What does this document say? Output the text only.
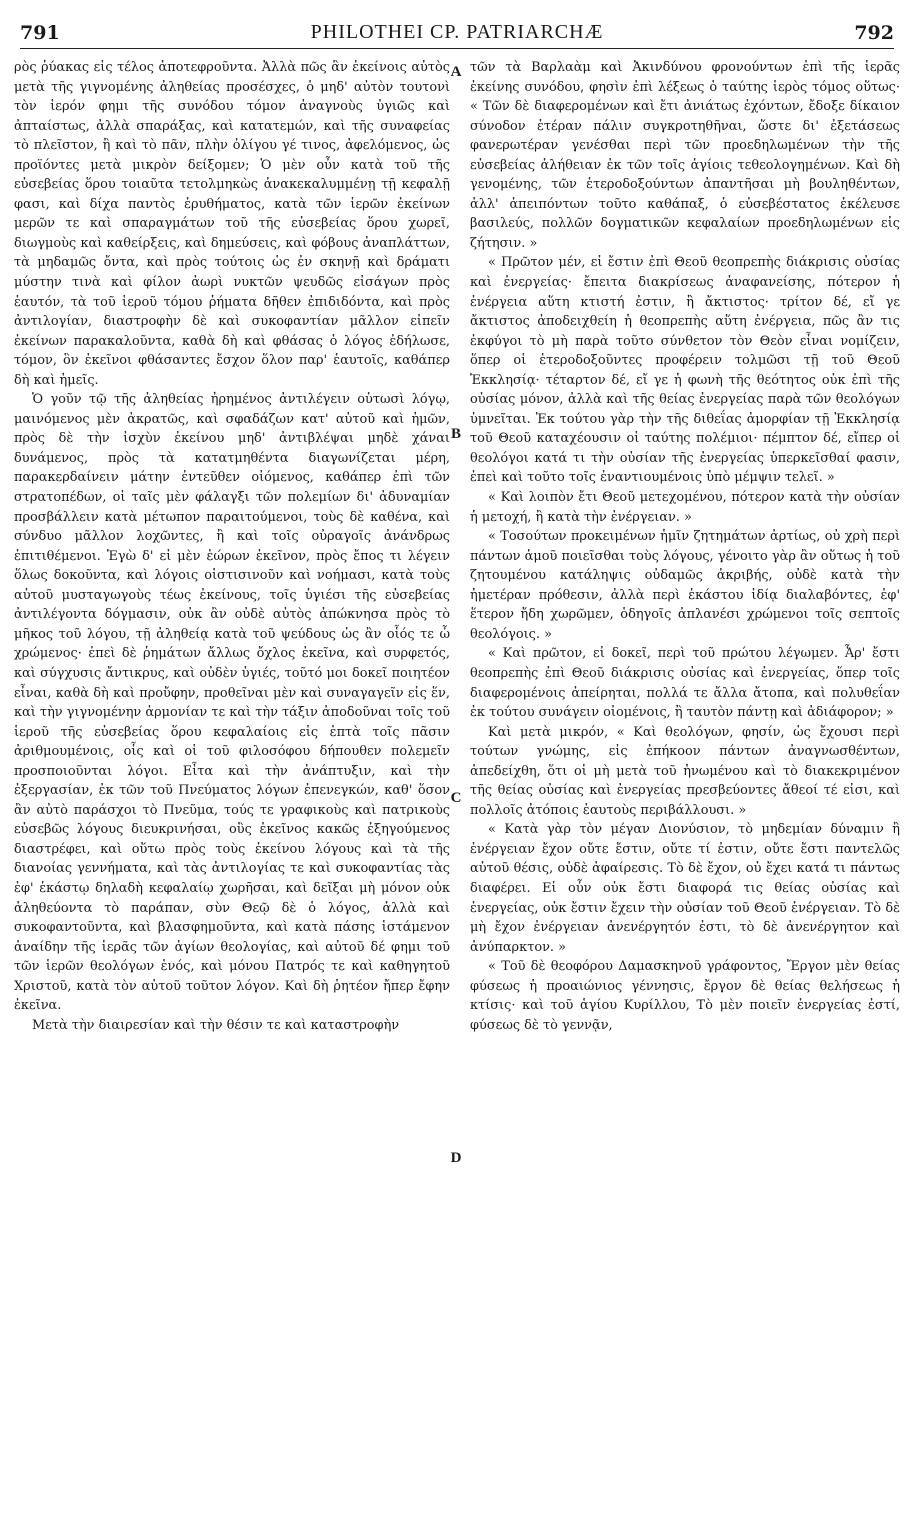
791	PHILOTHEI CP. PATRIARCHÆ	792

ρὸς ῥύακας εἰς τέλος ἀποτεφροῦντα. Ἀλλὰ πῶς ἂν ἐκείνοις αὐτὸς μετὰ τῆς γιγνομένης ἀληθείας προσέσχες, ὁ μηδ' αὐτὸν τουτονὶ τὸν ἱερόν φημι τῆς συνόδου τόμον ἀναγνοὺς ὑγιῶς καὶ ἀπταίστως, ἀλλὰ σπαράξας, καὶ κατατεμών, καὶ τῆς συναφείας τὸ πλεῖστον, ἢ καὶ τὸ πᾶν, πλὴν ὀλίγου γέ τινος, ἀφελόμενος, ὡς προϊόντες μετὰ μικρὸν δείξομεν; Ὁ μὲν οὖν κατὰ τοῦ τῆς εὐσεβείας ὅρου τοιαῦτα τετολμηκὼς ἀνακεκαλυμμένῃ τῇ κεφαλῇ φασι, καὶ δίχα παντὸς ἐρυθήματος, κατὰ τῶν ἱερῶν ἐκείνων μερῶν τε καὶ σπαραγμάτων τοῦ τῆς εὐσεβείας ὅρου χωρεῖ, διωγμοὺς καὶ καθείρξεις, καὶ δημεύσεις, καὶ φόβους ἀναπλάττων, τὰ μηδαμῶς ὄντα, καὶ πρὸς τούτοις ὡς ἐν σκηνῇ καὶ δράματι μύστην τινὰ καὶ φίλον ἀωρὶ νυκτῶν ψευδῶς εἰσάγων πρὸς ἑαυτόν, τὰ τοῦ ἱεροῦ τόμου ῥήματα δῆθεν ἐπιδιδόντα, καὶ πρὸς ἀντιλογίαν, διαστροφὴν δὲ καὶ συκοφαντίαν μᾶλλον εἰπεῖν ἐκείνων παρακαλοῦντα, καθὰ δὴ καὶ φθάσας ὁ λόγος ἐδήλωσε, τόμον, ὃν ἐκεῖνοι φθάσαντες ἔσχον ὅλον παρ' ἑαυτοῖς, καθάπερ δὴ καὶ ἡμεῖς.

Ὁ γοῦν τῷ τῆς ἀληθείας ἠρημένος ἀντιλέγειν οὑτωσὶ λόγῳ, μαινόμενος μὲν ἀκρατῶς, καὶ σφαδάζων κατ' αὐτοῦ καὶ ἡμῶν, πρὸς δὲ τὴν ἰσχὺν ἐκείνου μηδ' ἀντιβλέψαι μηδὲ χάναι δυνάμενος, πρὸς τὰ κατατμηθέντα διαγωνίζεται μέρη, παρακερδαίνειν μάτην ἐντεῦθεν οἰόμενος, καθάπερ ἐπὶ τῶν στρατοπέδων, οἱ ταῖς μὲν φάλαγξι τῶν πολεμίων δι' ἀδυναμίαν προσβάλλειν κατὰ μέτωπον παραιτούμενοι, τοὺς δὲ καθένα, καὶ σύνδυο μᾶλλον λοχῶντες, ἢ καὶ τοῖς οὐραγοῖς ἀνάνδρως ἐπιτιθέμενοι. Ἐγὼ δ' εἰ μὲν ἑώρων ἐκεῖνον, πρὸς ἔπος τι λέγειν ὅλως δοκοῦντα, καὶ λόγοις οἱστισινοῦν καὶ νοήμασι, κατὰ τοὺς αὐτοῦ μυσταγωγοὺς τέως ἐκείνους, τοῖς ὑγιέσι τῆς εὐσεβείας ἀντιλέγοντα δόγμασιν, οὐκ ἂν οὐδὲ αὐτὸς ἀπώκνησα πρὸς τὸ μῆκος τοῦ λόγου, τῇ ἀληθείᾳ κατὰ τοῦ ψεύδους ὡς ἂν οἷός τε ὦ χρώμενος· ἐπεὶ δὲ ῥημάτων ἄλλως ὄχλος ἐκεῖνα, καὶ συρφετός, καὶ σύγχυσις ἄντικρυς, καὶ οὐδὲν ὑγιές, τοῦτό μοι δοκεῖ ποιητέον εἶναι, καθὰ δὴ καὶ προὔφην, προθεῖναι μὲν καὶ συναγαγεῖν εἰς ἕν, καὶ τὴν γιγνομένην ἁρμονίαν τε καὶ τὴν τάξιν ἀποδοῦναι τοῖς τοῦ ἱεροῦ τῆς εὐσεβείας ὅρου κεφαλαίοις εἰς ἑπτὰ τοῖς πᾶσιν ἀριθμουμένοις, οἷς καὶ οἱ τοῦ φιλοσόφου δήπουθεν πολεμεῖν προσποιοῦνται λόγοι. Εἶτα καὶ τὴν ἀνάπτυξιν, καὶ τὴν ἐξεργασίαν, ἐκ τῶν τοῦ Πνεύματος λόγων ἐπενεγκών, καθ' ὅσον ἂν αὐτὸ παράσχοι τὸ Πνεῦμα, τούς τε γραφικοὺς καὶ πατρικοὺς εὐσεβῶς λόγους διευκρινήσαι, οὓς ἐκεῖνος κακῶς ἐξηγούμενος διαστρέφει, καὶ οὕτω πρὸς τοὺς ἐκείνου λόγους καὶ τὰ τῆς διανοίας γεννήματα, καὶ τὰς ἀντιλογίας τε καὶ συκοφαντίας τὰς ἐφ' ἑκάστῳ δηλαδὴ κεφαλαίῳ χωρῆσαι, καὶ δεῖξαι μὴ μόνον οὐκ ἀληθεύοντα τὸ παράπαν, σὺν Θεῷ δὲ ὁ λόγος, ἀλλὰ καὶ συκοφαντοῦντα, καὶ βλασφημοῦντα, καὶ κατὰ πάσης ἱστάμενον ἀναίδην τῆς ἱερᾶς τῶν ἁγίων θεολογίας, καὶ αὐτοῦ δέ φημι τοῦ τῶν ἱερῶν θεολόγων ἑνός, καὶ μόνου Πατρός τε καὶ καθηγητοῦ Χριστοῦ, κατὰ τὸν αὐτοῦ τοῦτον λόγον. Καὶ δὴ ῥητέον ἤπερ ἔφην ἐκεῖνα.

Μετὰ τὴν διαιρεσίαν καὶ τὴν θέσιν τε καὶ καταστροφὴν

τῶν τὰ Βαρλαὰμ καὶ Ἀκινδύνου φρονούντων ἐπὶ τῆς ἱερᾶς ἐκείνης συνόδου, φησὶν ἐπὶ λέξεως ὁ ταύτης ἱερὸς τόμος οὕτως· « Τῶν δὲ διαφερομένων καὶ ἔτι ἀνιάτως ἐχόντων, ἔδοξε δίκαιον σύνοδον ἑτέραν πάλιν συγκροτηθῆναι, ὥστε δι' ἐξετάσεως φανερωτέραν γενέσθαι περὶ τῶν προεδηλωμένων τὴν τῆς εὐσεβείας ἀλήθειαν ἐκ τῶν τοῖς ἁγίοις τεθεολογημένων. Καὶ δὴ γενομένης, τῶν ἑτεροδοξούντων ἀπαντῆσαι μὴ βουληθέντων, ἀλλ' ἀπειπόντων τοῦτο καθάπαξ, ὁ εὐσεβέστατος ἐκέλευσε βασιλεύς, πολλῶν δογματικῶν κεφαλαίων προεδηλωμένων εἰς ζήτησιν. »

« Πρῶτον μέν, εἰ ἔστιν ἐπὶ Θεοῦ θεοπρεπὴς διάκρισις οὐσίας καὶ ἐνεργείας· ἔπειτα διακρίσεως ἀναφανείσης, πότερον ἡ ἐνέργεια αὕτη κτιστή ἐστιν, ἢ ἄκτιστος· τρίτον δέ, εἴ γε ἄκτιστος ἀποδειχθείη ἡ θεοπρεπὴς αὕτη ἐνέργεια, πῶς ἂν τις ἐκφύγοι τὸ μὴ παρὰ τοῦτο σύνθετον τὸν Θεὸν εἶναι νομίζειν, ὅπερ οἱ ἑτεροδοξοῦντες προφέρειν τολμῶσι τῇ τοῦ Θεοῦ Ἐκκλησίᾳ· τέταρτον δέ, εἴ γε ἡ φωνὴ τῆς θεότητος οὐκ ἐπὶ τῆς οὐσίας μόνον, ἀλλὰ καὶ τῆς θείας ἐνεργείας παρὰ τῶν θεολόγων ὑμνεῖται. Ἐκ τούτου γὰρ τὴν τῆς διθεΐας ἀμορφίαν τῇ Ἐκκλησίᾳ τοῦ Θεοῦ καταχέουσιν οἱ ταύτης πολέμιοι· πέμπτον δέ, εἴπερ οἱ θεολόγοι κατά τι τὴν οὐσίαν τῆς ἐνεργείας ὑπερκεῖσθαί φασιν, ἐπεὶ καὶ τοῦτο τοῖς ἐναντιουμένοις ὑπὸ μέμψιν τελεῖ. »

« Καὶ λοιπὸν ἔτι Θεοῦ μετεχομένου, πότερον κατὰ τὴν οὐσίαν ἡ μετοχή, ἢ κατὰ τὴν ἐνέργειαν. »

« Τοσούτων προκειμένων ἡμῖν ζητημάτων ἀρτίως, οὐ χρὴ περὶ πάντων ἁμοῦ ποιεῖσθαι τοὺς λόγους, γένοιτο γὰρ ἂν οὕτως ἡ τοῦ ζητουμένου κατάληψις οὐδαμῶς ἀκριβής, οὐδὲ κατὰ τὴν ἡμετέραν πρόθεσιν, ἀλλὰ περὶ ἑκάστου ἰδίᾳ διαλαβόντες, ἐφ' ἕτερον ἤδη χωρῶμεν, ὁδηγοῖς ἀπλανέσι χρώμενοι τοῖς σεπτοῖς θεολόγοις. »

« Καὶ πρῶτον, εἰ δοκεῖ, περὶ τοῦ πρώτου λέγωμεν. Ἆρ' ἔστι θεοπρεπὴς ἐπὶ Θεοῦ διάκρισις οὐσίας καὶ ἐνεργείας, ὅπερ τοῖς διαφερομένοις ἀπείρηται, πολλά τε ἄλλα ἄτοπα, καὶ πολυθεΐαν ἐκ τούτου συνάγειν οἰομένοις, ἢ ταυτὸν πάντῃ καὶ ἀδιάφορον; »

Καὶ μετὰ μικρόν, « Καὶ θεολόγων, φησίν, ὡς ἔχουσι περὶ τούτων γνώμης, εἰς ἐπήκοον πάντων ἀναγνωσθέντων, ἀπεδείχθη, ὅτι οἱ μὴ μετὰ τοῦ ἡνωμένου καὶ τὸ διακεκριμένον τῆς θείας οὐσίας καὶ ἐνεργείας πρεσβεύοντες ἄθεοί τέ εἰσι, καὶ πολλοῖς ἀτόποις ἑαυτοὺς περιβάλλουσι. »

« Κατὰ γὰρ τὸν μέγαν Διονύσιον, τὸ μηδεμίαν δύναμιν ἢ ἐνέργειαν ἔχον οὔτε ἔστιν, οὔτε τί ἐστιν, οὔτε ἔστι παντελῶς αὐτοῦ θέσις, οὐδὲ ἀφαίρεσις. Τὸ δὲ ἔχον, οὐ ἔχει κατά τι πάντως διαφέρει. Εἰ οὖν οὐκ ἔστι διαφορά τις θείας οὐσίας καὶ ἐνεργείας, οὐκ ἔστιν ἔχειν τὴν οὐσίαν τοῦ Θεοῦ ἐνέργειαν. Τὸ δὲ μὴ ἔχον ἐνέργειαν ἀνενέργητόν ἐστι, τὸ δὲ ἀνενέργητον καὶ ἀνύπαρκτον. »

« Τοῦ δὲ θεοφόρου Δαμασκηνοῦ γράφοντος, Ἔργον μὲν θείας φύσεως ἡ προαιώνιος γέννησις, ἔργον δὲ θείας θελήσεως ἡ κτίσις· καὶ τοῦ ἁγίου Κυρίλλου, Τὸ μὲν ποιεῖν ἐνεργείας ἐστί, φύσεως δὲ τὸ γεννᾷν,

A
B
C
D
